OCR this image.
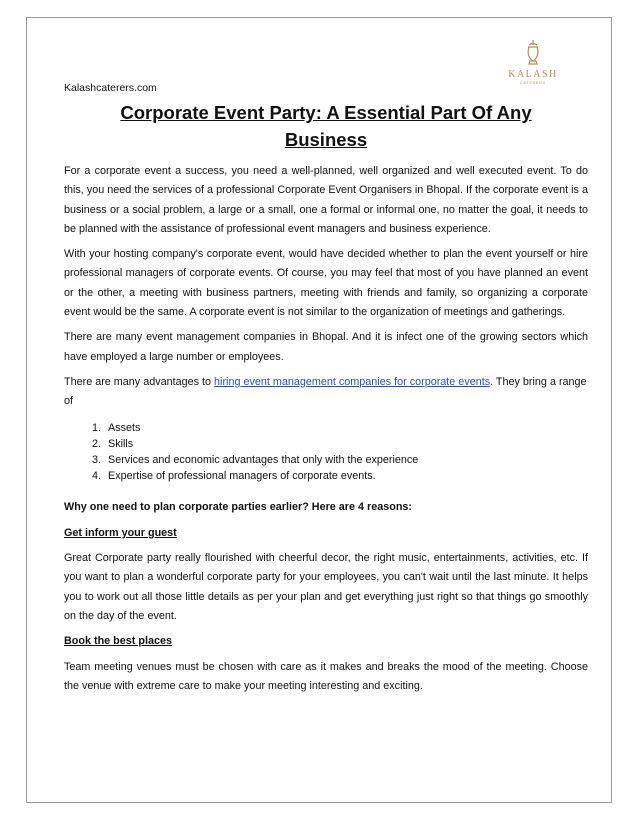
KALASH
CATERERS
Kalashcaterers.com
Corporate Event Party: A Essential Part Of Any Business

For a corporate event a success, you need a well-planned, well organized and well executed event. To do this, you need the services of a professional Corporate Event Organisers in Bhopal. If the corporate event is a business or a social problem, a large or a small, one a formal or informal one, no matter the goal, it needs to be planned with the assistance of professional event managers and business experience.

With your hosting company's corporate event, would have decided whether to plan the event yourself or hire professional managers of corporate events. Of course, you may feel that most of you have planned an event or the other, a meeting with business partners, meeting with friends and family, so organizing a corporate event would be the same. A corporate event is not similar to the organization of meetings and gatherings.

There are many event management companies in Bhopal. And it is infect one of the growing sectors which have employed a large number or employees.

There are many advantages to hiring event management companies for corporate events. They bring a range of

1. Assets
2. Skills
3. Services and economic advantages that only with the experience
4. Expertise of professional managers of corporate events.

Why one need to plan corporate parties earlier? Here are 4 reasons:

Get inform your guest

Great Corporate party really flourished with cheerful decor, the right music, entertainments, activities, etc. If you want to plan a wonderful corporate party for your employees, you can't wait until the last minute. It helps you to work out all those little details as per your plan and get everything just right so that things go smoothly on the day of the event.

Book the best places

Team meeting venues must be chosen with care as it makes and breaks the mood of the meeting. Choose the venue with extreme care to make your meeting interesting and exciting.
